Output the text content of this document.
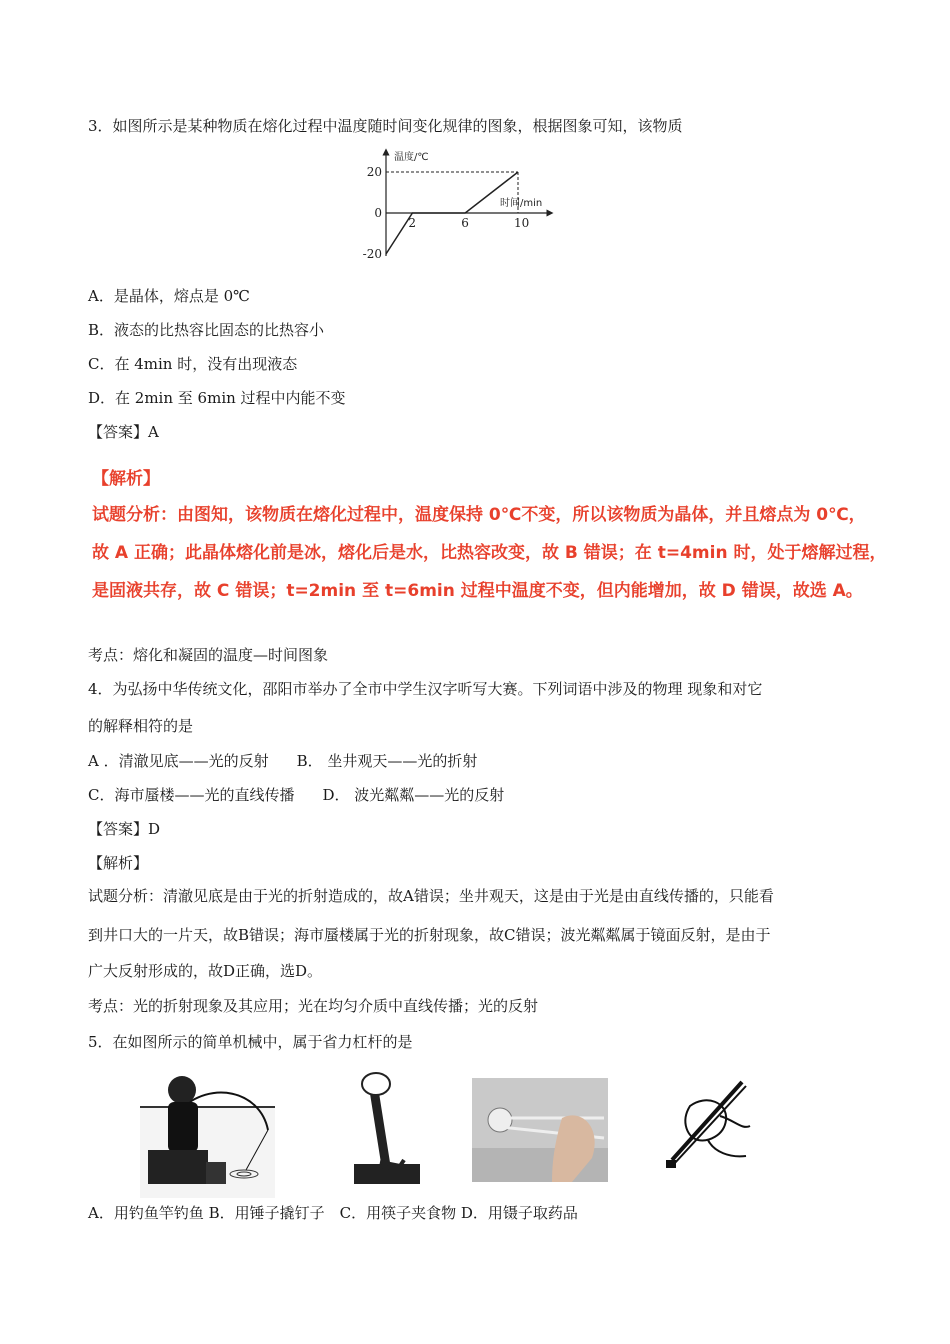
3．如图所示是某种物质在熔化过程中温度随时间变化规律的图象，根据图象可知，该物质
温度/℃
时间/min
2	6	10
20
0
-20
A．是晶体，熔点是 0℃
B．液态的比热容比固态的比热容小
C．在 4min 时，没有出现液态
D．在 2min 至 6min 过程中内能不变
【答案】A
【解析】
试题分析：由图知，该物质在熔化过程中，温度保持 0℃不变，所以该物质为晶体，并且熔点为 0℃，
故 A 正确；此晶体熔化前是冰，熔化后是水，比热容改变，故 B 错误；在 t=4min 时，处于熔解过程，
是固液共存，故 C 错误；t=2min 至 t=6min 过程中温度不变，但内能增加，故 D 错误，故选 A。
考点：熔化和凝固的温度—时间图象
4．为弘扬中华传统文化，邵阳市举办了全市中学生汉字听写大赛。下列词语中涉及的物理 现象和对它
的解释相符的是
A ．清澈见底——光的反射 B． 坐井观天——光的折射
C．海市蜃楼——光的直线传播 D． 波光粼粼——光的反射
【答案】D
【解析】
试题分析：清澈见底是由于光的折射造成的，故A错误；坐井观天，这是由于光是由直线传播的，只能看
到井口大的一片天，故B错误；海市蜃楼属于光的折射现象，故C错误；波光粼粼属于镜面反射，是由于
广大反射形成的，故D正确，选D。
考点：光的折射现象及其应用；光在均匀介质中直线传播；光的反射
5．在如图所示的简单机械中，属于省力杠杆的是
A．用钓鱼竿钓鱼 B．用锤子撬钉子　C．用筷子夹食物 D．用镊子取药品
